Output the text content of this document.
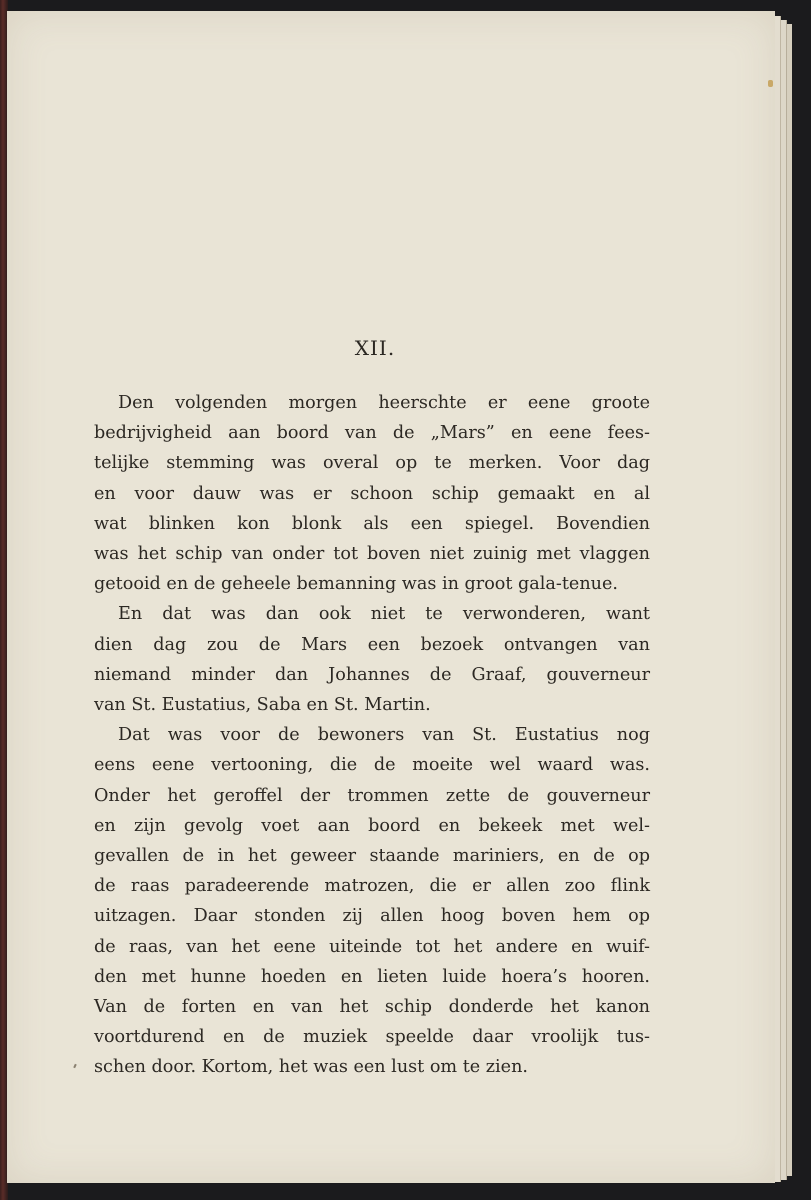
XII.
Den volgenden morgen heerschte er eene groote
bedrijvigheid aan boord van de „Mars” en eene fees-
telijke stemming was overal op te merken. Voor dag
en voor dauw was er schoon schip gemaakt en al
wat blinken kon blonk als een spiegel. Bovendien
was het schip van onder tot boven niet zuinig met vlaggen
getooid en de geheele bemanning was in groot gala-tenue.
En dat was dan ook niet te verwonderen, want
dien dag zou de Mars een bezoek ontvangen van
niemand minder dan Johannes de Graaf, gouverneur
van St. Eustatius, Saba en St. Martin.
Dat was voor de bewoners van St. Eustatius nog
eens eene vertooning, die de moeite wel waard was.
Onder het geroffel der trommen zette de gouverneur
en zijn gevolg voet aan boord en bekeek met wel-
gevallen de in het geweer staande mariniers, en de op
de raas paradeerende matrozen, die er allen zoo flink
uitzagen. Daar stonden zij allen hoog boven hem op
de raas, van het eene uiteinde tot het andere en wuif-
den met hunne hoeden en lieten luide hoera’s hooren.
Van de forten en van het schip donderde het kanon
voortdurend en de muziek speelde daar vroolijk tus-
schen door. Kortom, het was een lust om te zien.
